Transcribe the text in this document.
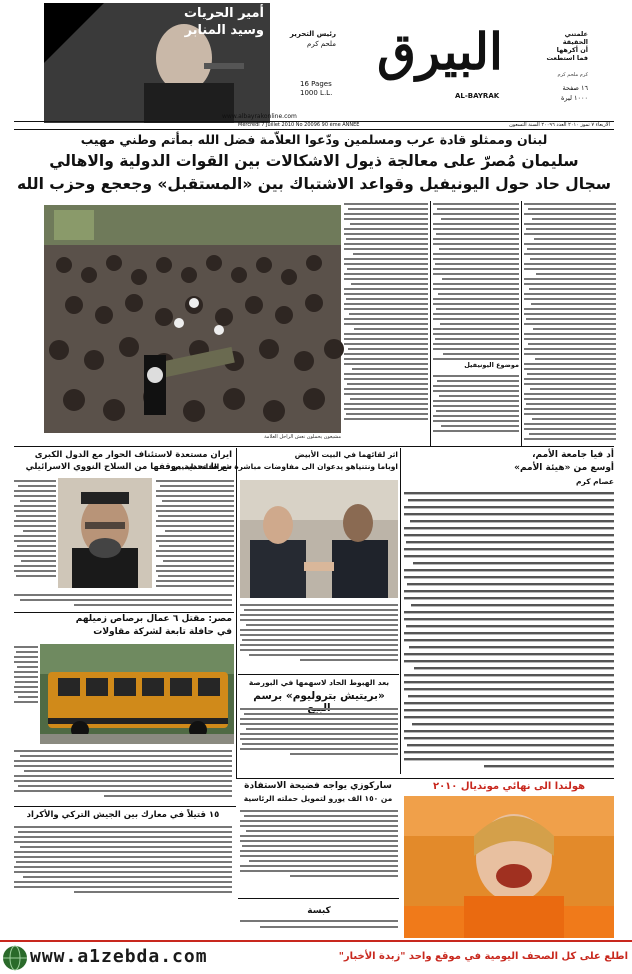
أمير الحريات
وسيد المنابر	رئيس التحرير
ملحم كرم
16 Pages
1000 L.L.
البيرق
AL-BAYRAK
علمتني
الحقيقة
أن أكرهها
فما استطعت
كرم ملحم كرم
١٦ صفحة
١٠٠٠ ليرة
www.albayrakonline.com
Mercredi 7 Juillet 2010 No 20096 90 ème ANNÉE	الأربعاء ٧ تموز ٢٠١٠ العدد ٢٠٠٩٦ السنة التسعون
لبنان وممثلو قادة عرب ومسلمين ودّعوا العلاّمة فضل الله بمأتم وطني مهيب
سليمان مُصرّ على معالجة ذيول الاشكالات بين القوات الدولية والاهالي
سجال حاد حول اليونيفيل وقواعد الاشتباك بين «المستقبل» وجعجع وحزب الله
موضوع اليونيفيل
مشيعون يحملون نعش الراحل العلامة
ايران مستعدة لاستئناف الحوار مع الدول الكبرى
شرط تحديد موقفها من السلاح النووي الاسرائيلي
مصر: مقتل ٦ عمال برصاص زميلهم
في حافلة تابعة لشركة مقاولات
اثر لقائهما في البيت الأبيض
اوباما ونتنياهو يدعوان الى مفاوضات مباشرة مع الفلسطينيين
بعد الهبوط الحاد لاسهمها في البورصة
«بريتيش بتروليوم» برسم
أد فيا جامعة الأمم،
أوسع من «هيئة الأمم»
عصام كرم
١٥ قتيلاً في معارك بين الجيش التركي والأكراد
ساركوزي يواجه فضيحة الاستفادة
من ١٥٠ الف يورو لتمويل حملته الرئاسية
كبسة
هولندا الى نهائي مونديال ٢٠١٠
www.a1zebda.com	اطلع على كل الصحف اليومية في موقع واحد "زبدة الأخبار"
